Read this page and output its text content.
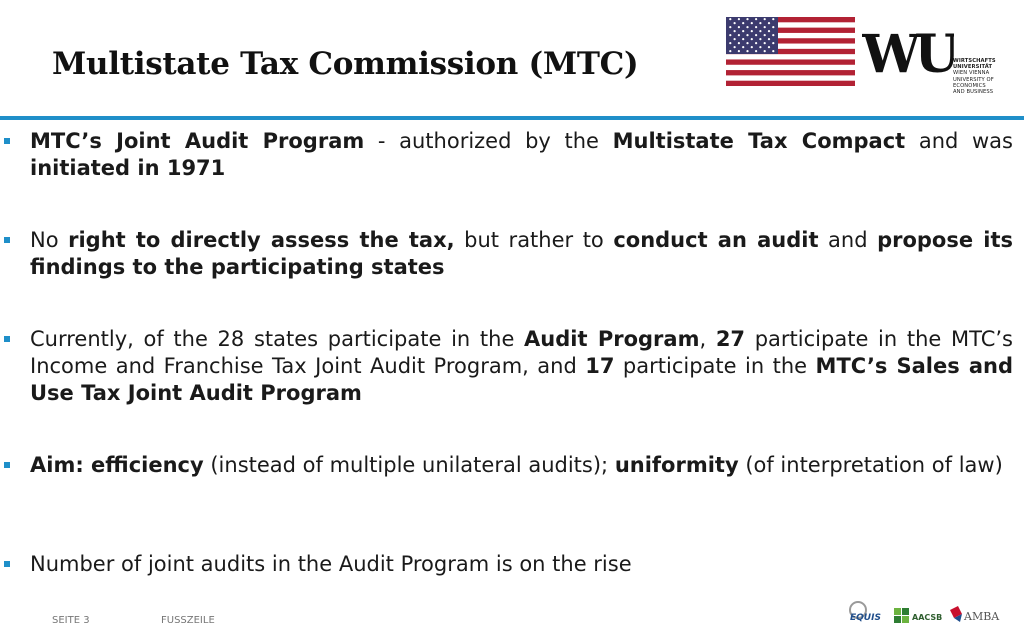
Multistate Tax Commission (MTC)	WU WIRTSCHAFTS
UNIVERSITÄT
WIEN VIENNA
UNIVERSITY OF
ECONOMICS
AND BUSINESS
MTC’s Joint Audit Program - authorized by the Multistate Tax Compact and was initiated in 1971
No right to directly assess the tax, but rather to conduct an audit and propose its findings to the participating states
Currently, of the 28 states participate in the Audit Program, 27 participate in the MTC’s Income and Franchise Tax Joint Audit Program, and 17 participate in the MTC’s Sales and Use Tax Joint Audit Program
Aim: efficiency (instead of multiple unilateral audits); uniformity (of interpretation of law)
Number of joint audits in the Audit Program is on the rise
SEITE 3	FUSSZEILE	EQUIS	AACSB AMBA
